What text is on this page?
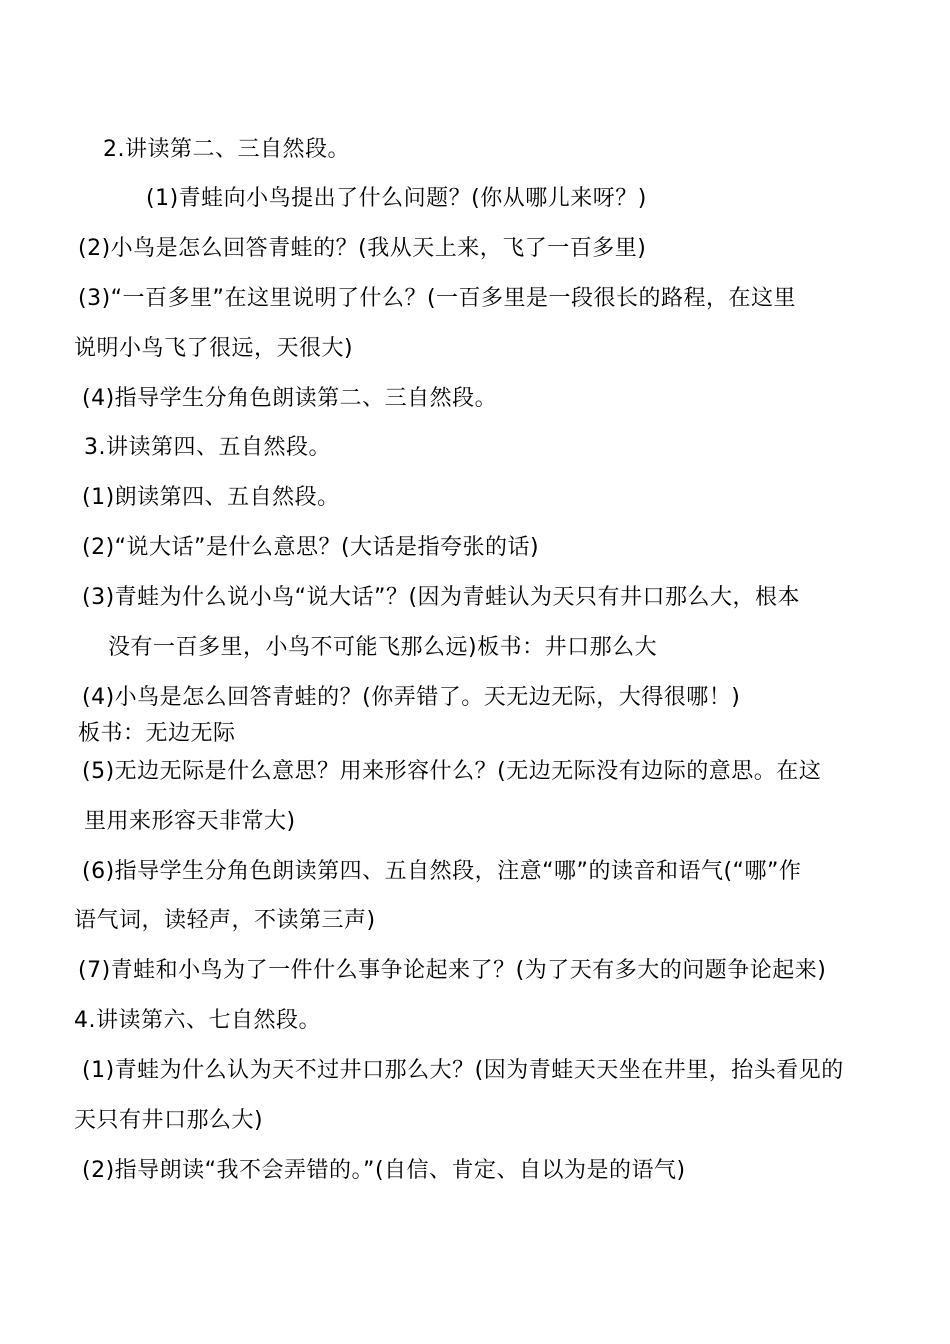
2.讲读第二、三自然段。
(1)青蛙向小鸟提出了什么问题？(你从哪儿来呀？)
(2)小鸟是怎么回答青蛙的？(我从天上来，飞了一百多里)
(3)“一百多里”在这里说明了什么？(一百多里是一段很长的路程，在这里
说明小鸟飞了很远，天很大)
(4)指导学生分角色朗读第二、三自然段。
3.讲读第四、五自然段。
(1)朗读第四、五自然段。
(2)“说大话”是什么意思？(大话是指夸张的话)
(3)青蛙为什么说小鸟“说大话”？(因为青蛙认为天只有井口那么大，根本
没有一百多里，小鸟不可能飞那么远)板书：井口那么大
(4)小鸟是怎么回答青蛙的？(你弄错了。天无边无际，大得很哪！)
板书：无边无际
(5)无边无际是什么意思？用来形容什么？(无边无际没有边际的意思。在这
里用来形容天非常大)
(6)指导学生分角色朗读第四、五自然段，注意“哪”的读音和语气(“哪”作
语气词，读轻声，不读第三声)
(7)青蛙和小鸟为了一件什么事争论起来了？(为了天有多大的问题争论起来)
4.讲读第六、七自然段。
(1)青蛙为什么认为天不过井口那么大？(因为青蛙天天坐在井里，抬头看见的
天只有井口那么大)
(2)指导朗读“我不会弄错的。”(自信、肯定、自以为是的语气)
